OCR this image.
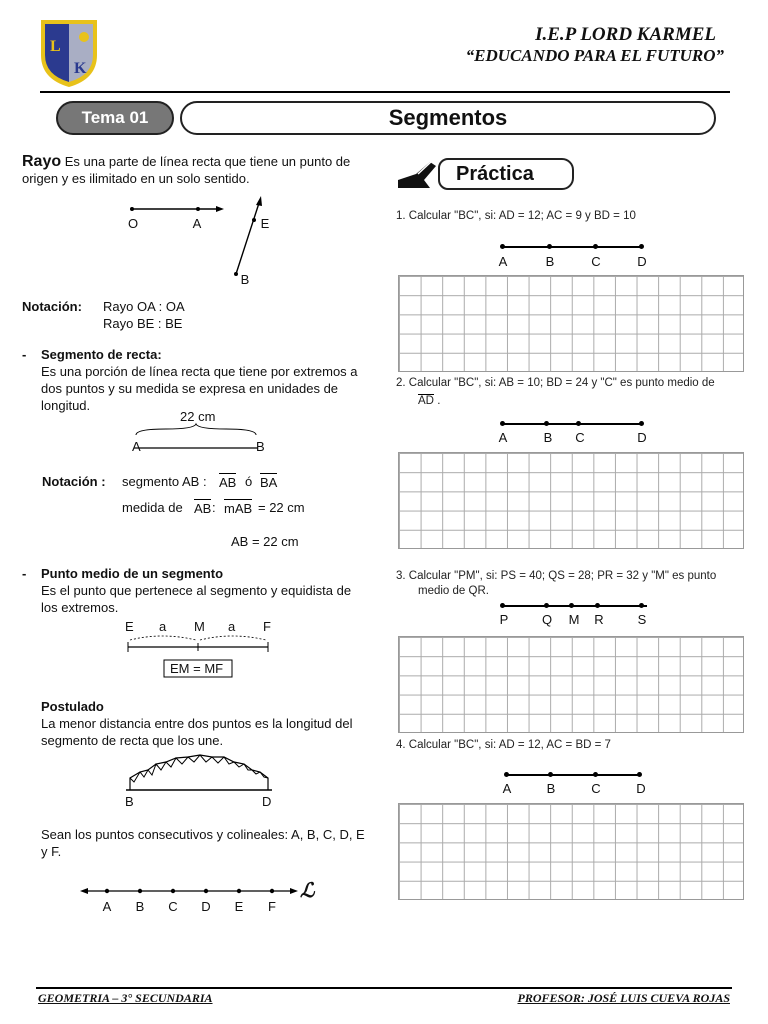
L
K
I.E.P LORD KARMEL
“EDUCANDO PARA EL FUTURO”
Tema 01	Segmentos
Rayo Es una parte de línea recta que tiene un punto de
origen y es ilimitado en un solo sentido.
O	A	E
B
Notación: Rayo OA : OA
Rayo BE : BE
- Segmento de recta:
Es una porción de línea recta que tiene por extremos a
dos puntos y su medida se expresa en unidades de
longitud.
22 cm
A	B
Notación : segmento AB : AB ó BA
medida de AB : mAB = 22 cm
AB = 22 cm
- Punto medio de un segmento
Es el punto que pertenece al segmento y equidista de
los extremos.
E a M a F
EM = MF
Postulado
La menor distancia entre dos puntos es la longitud del
segmento de recta que los une.
B	D
Sean los puntos consecutivos y colineales: A, B, C, D, E
y F.
A	B	C	D	E	F
ℒ
Práctica
1. Calcular "BC", si: AD = 12; AC = 9 y BD = 10
A	B	C	D
2. Calcular "BC", si: AB = 10; BD = 24 y "C" es punto medio de
AD .
A	B	C	D
3. Calcular "PM", si: PS = 40; QS = 28; PR = 32 y "M" es punto
medio de QR.
P	Q	M	R	S
4. Calcular "BC", si: AD = 12, AC = BD = 7
A	B	C	D
GEOMETRIA – 3° SECUNDARIA	PROFESOR: JOSÉ LUIS CUEVA ROJAS
